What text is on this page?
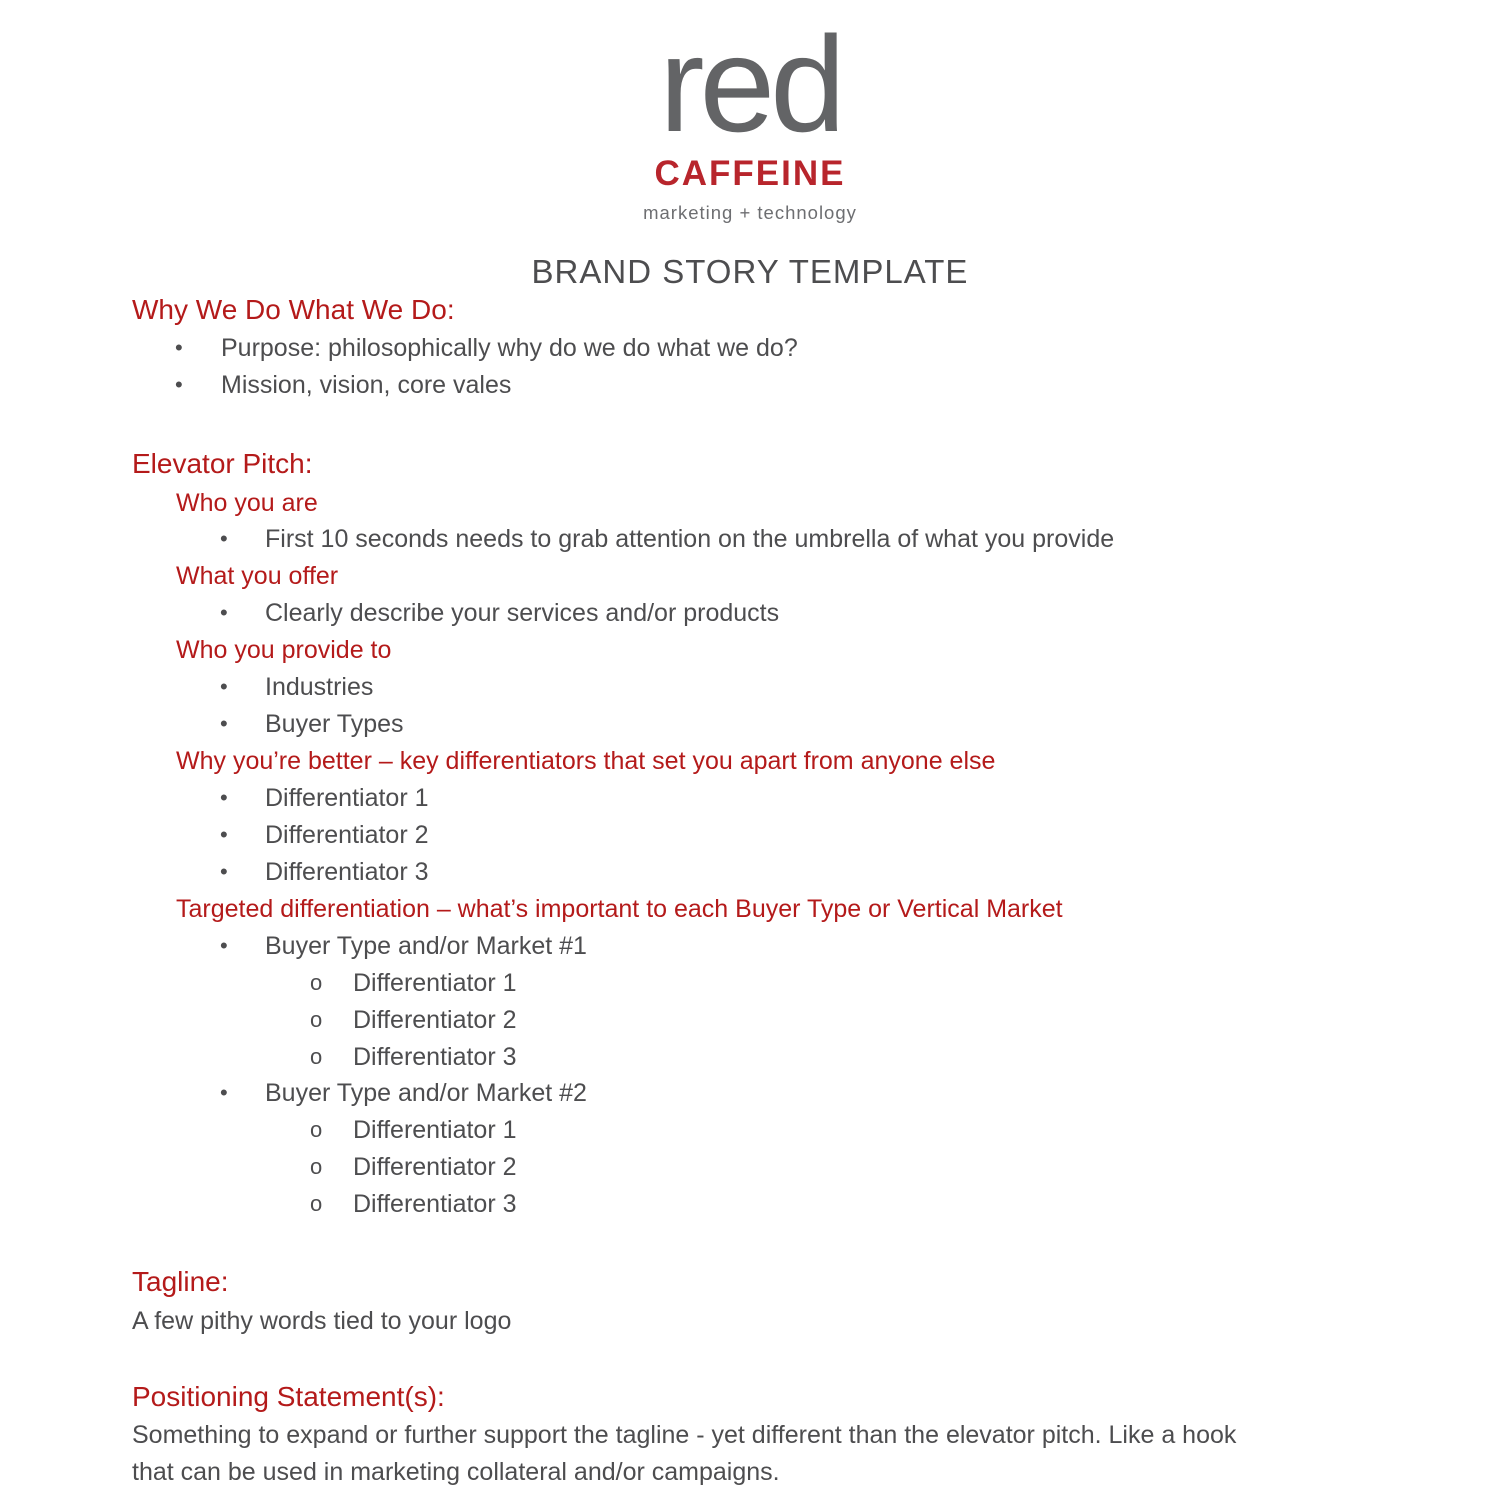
red
CAFFEINE
marketing + technology
BRAND STORY TEMPLATE
Why We Do What We Do:
• Purpose: philosophically why do we do what we do?
• Mission, vision, core vales
Elevator Pitch:
Who you are
• First 10 seconds needs to grab attention on the umbrella of what you provide
What you offer
• Clearly describe your services and/or products
Who you provide to
• Industries
• Buyer Types
Why you’re better – key differentiators that set you apart from anyone else
• Differentiator 1
• Differentiator 2
• Differentiator 3
Targeted differentiation – what’s important to each Buyer Type or Vertical Market
• Buyer Type and/or Market #1
o Differentiator 1
o Differentiator 2
o Differentiator 3
• Buyer Type and/or Market #2
o Differentiator 1
o Differentiator 2
o Differentiator 3
Tagline:
A few pithy words tied to your logo
Positioning Statement(s):
Something to expand or further support the tagline - yet different than the elevator pitch. Like a hook
that can be used in marketing collateral and/or campaigns.
